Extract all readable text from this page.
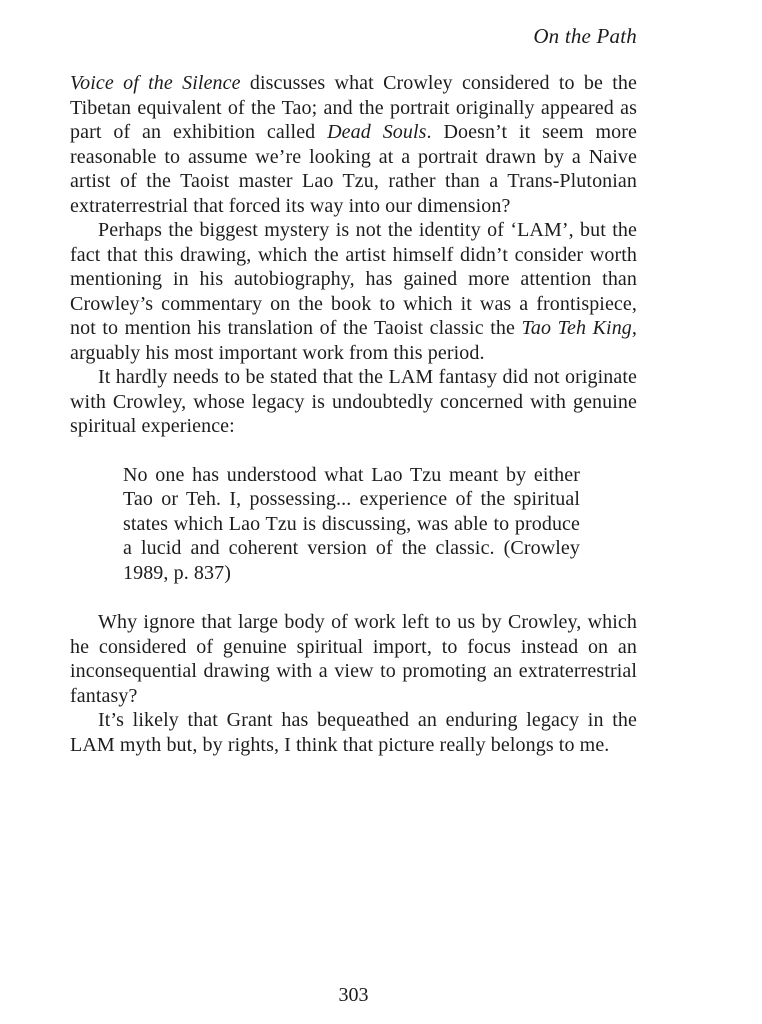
On the Path

Voice of the Silence discusses what Crowley considered to be the Tibetan equivalent of the Tao; and the portrait originally appeared as part of an exhibition called Dead Souls. Doesn’t it seem more reasonable to assume we’re looking at a portrait drawn by a Naive artist of the Taoist master Lao Tzu, rather than a Trans-Plutonian extraterrestrial that forced its way into our dimension?

Perhaps the biggest mystery is not the identity of ‘LAM’, but the fact that this drawing, which the artist himself didn’t consider worth mentioning in his autobiography, has gained more attention than Crowley’s commentary on the book to which it was a frontispiece, not to mention his translation of the Taoist classic the Tao Teh King, arguably his most important work from this period.

It hardly needs to be stated that the LAM fantasy did not originate with Crowley, whose legacy is undoubtedly concerned with genuine spiritual experience:

No one has understood what Lao Tzu meant by either Tao or Teh. I, possessing... experience of the spiritual states which Lao Tzu is discussing, was able to produce a lucid and coherent version of the classic. (Crowley 1989, p. 837)

Why ignore that large body of work left to us by Crowley, which he considered of genuine spiritual import, to focus instead on an inconsequential drawing with a view to promoting an extraterrestrial fantasy?

It’s likely that Grant has bequeathed an enduring legacy in the LAM myth but, by rights, I think that picture really belongs to me.

303
